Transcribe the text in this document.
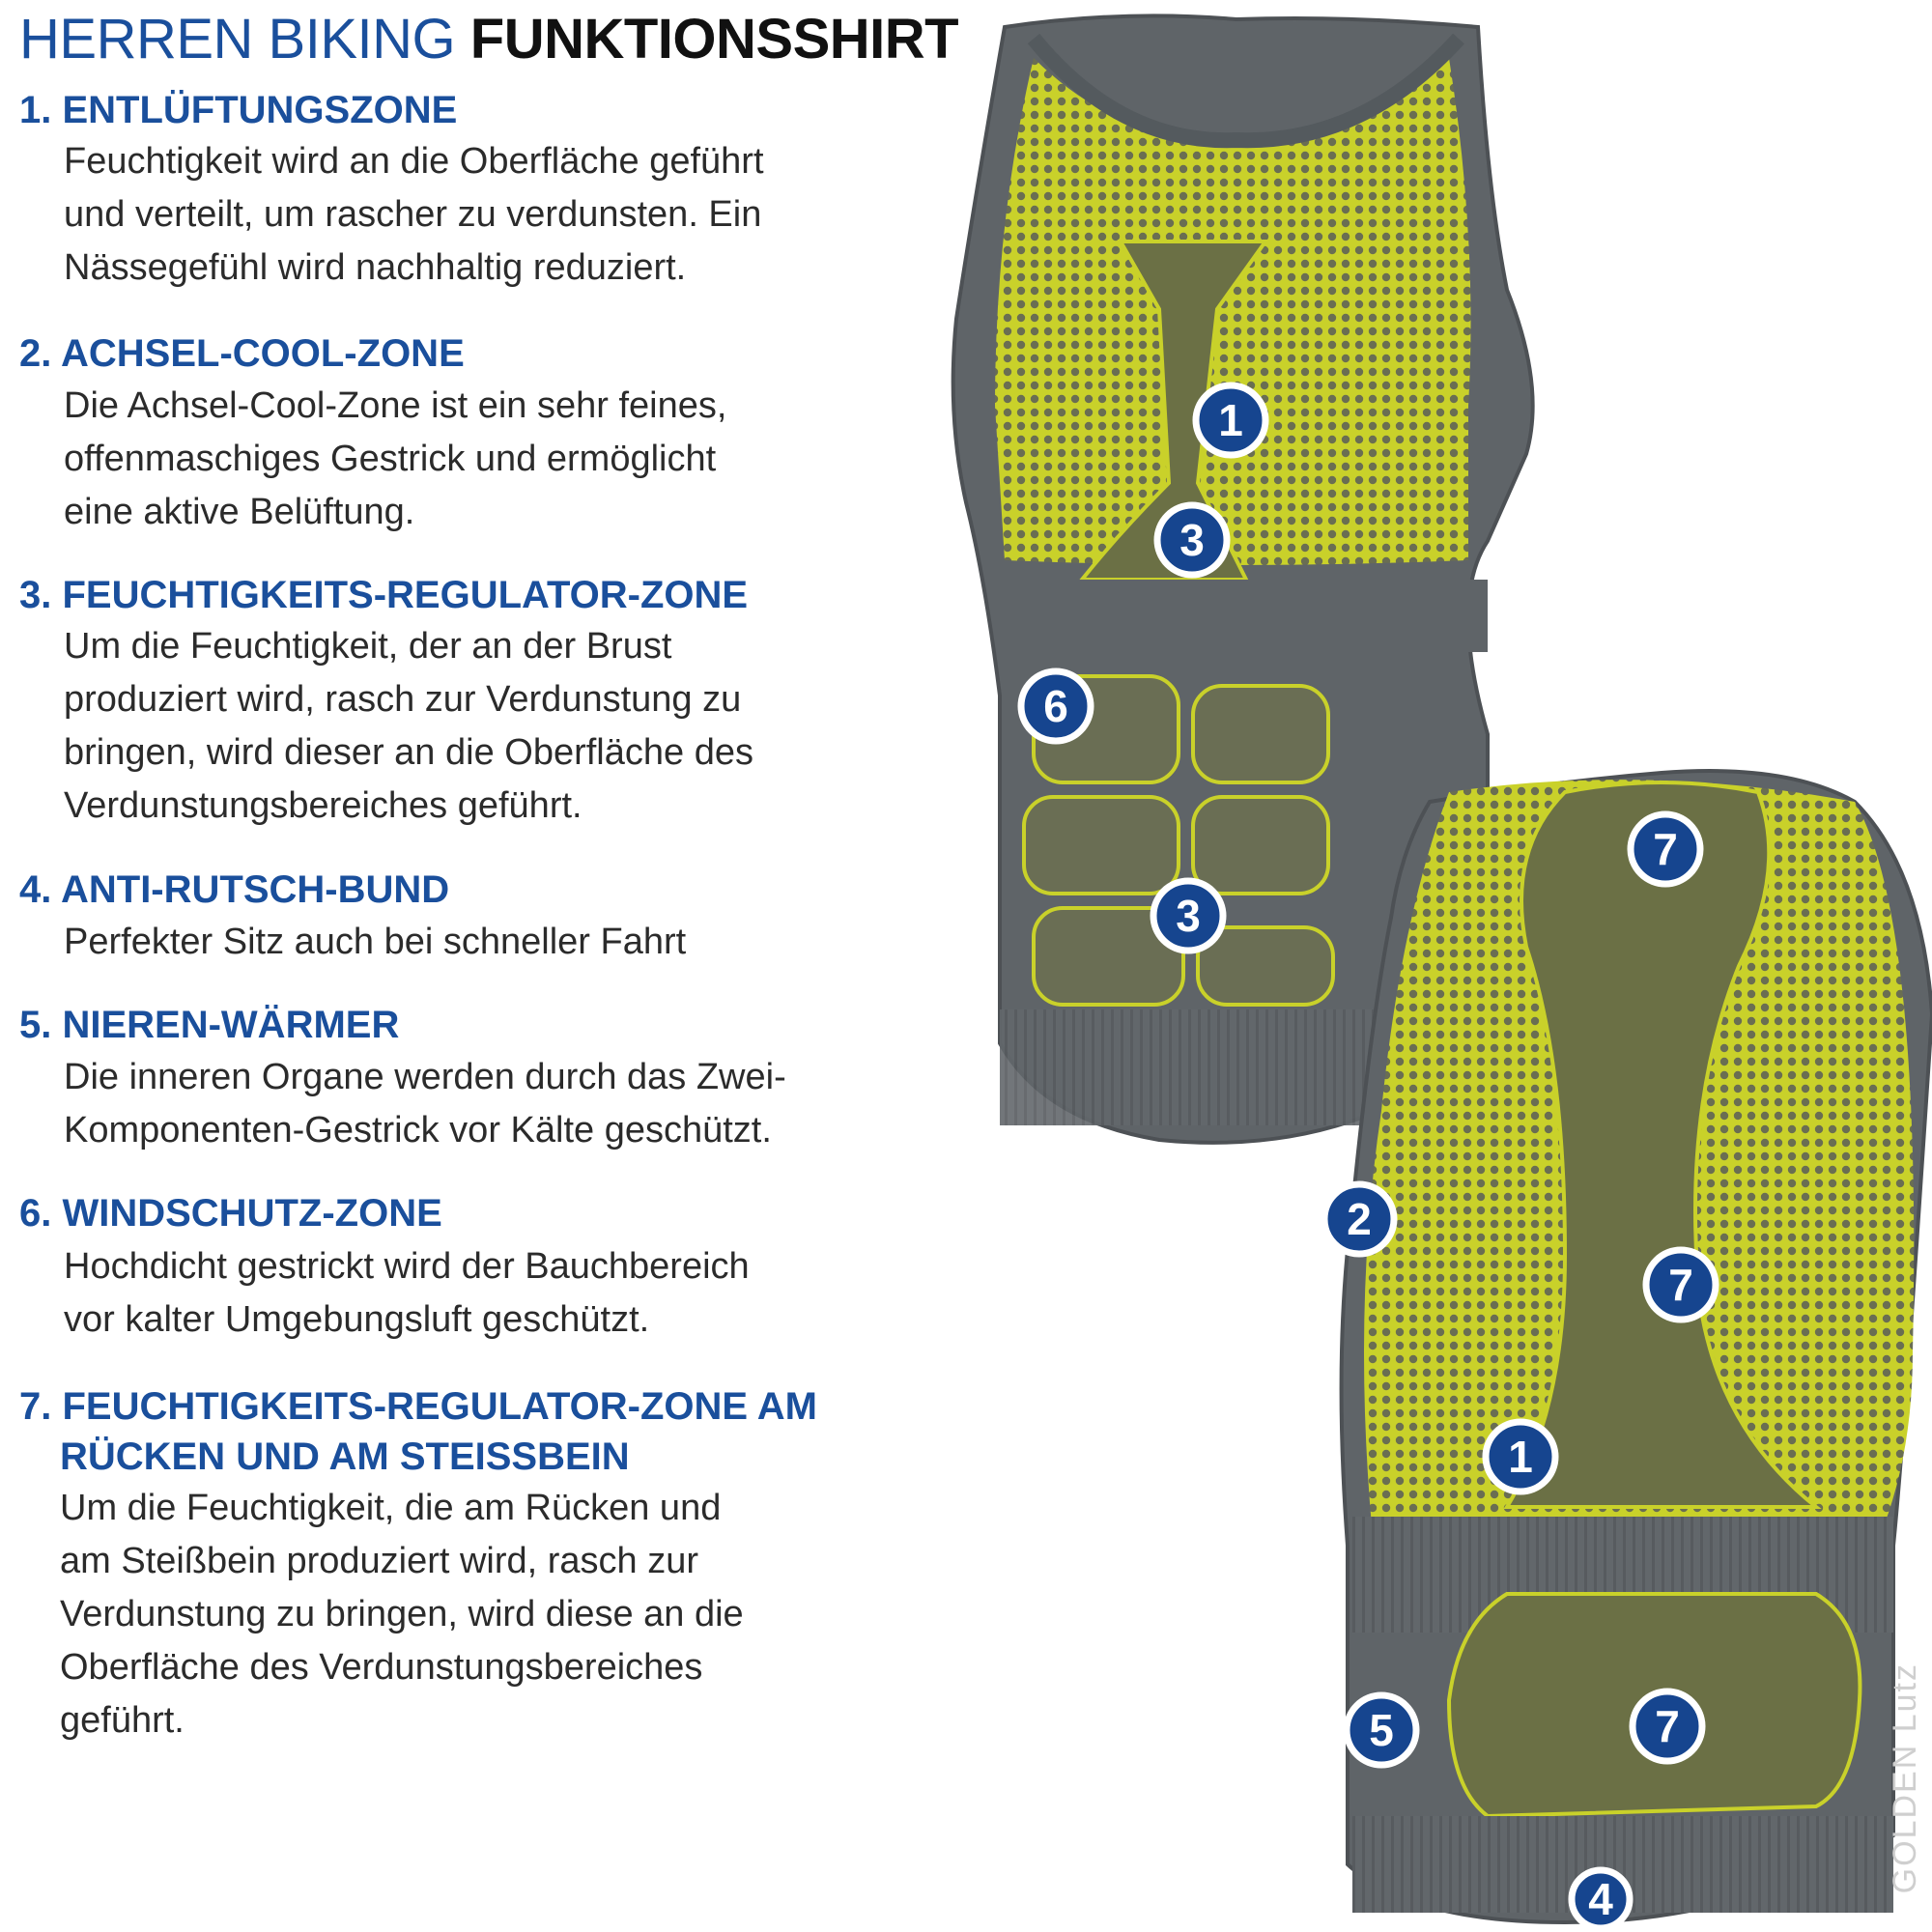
HERREN BIKING FUNKTIONSSHIRT
1. ENTLÜFTUNGSZONE
Feuchtigkeit wird an die Oberfläche geführt
und verteilt, um rascher zu verdunsten. Ein
Nässegefühl wird nachhaltig reduziert.
2. ACHSEL-COOL-ZONE
Die Achsel-Cool-Zone ist ein sehr feines,
offenmaschiges Gestrick und ermöglicht
eine aktive Belüftung.
3. FEUCHTIGKEITS-REGULATOR-ZONE
Um die Feuchtigkeit, der an der Brust
produziert wird, rasch zur Verdunstung zu
bringen, wird dieser an die Oberfläche des
Verdunstungsbereiches geführt.
4. ANTI-RUTSCH-BUND
Perfekter Sitz auch bei schneller Fahrt
5. NIEREN-WÄRMER
Die inneren Organe werden durch das Zwei-
Komponenten-Gestrick vor Kälte geschützt.
6. WINDSCHUTZ-ZONE
Hochdicht gestrickt wird der Bauchbereich
vor kalter Umgebungsluft geschützt.
7. FEUCHTIGKEITS-REGULATOR-ZONE AM
RÜCKEN UND AM STEISSBEIN
Um die Feuchtigkeit, die am Rücken und
am Steißbein produziert wird, rasch zur
Verdunstung zu bringen, wird diese an die
Oberfläche des Verdunstungsbereiches
geführt.
1
3
6
3
7
2
7
1
5	7
4
GOLDEN Lutz
